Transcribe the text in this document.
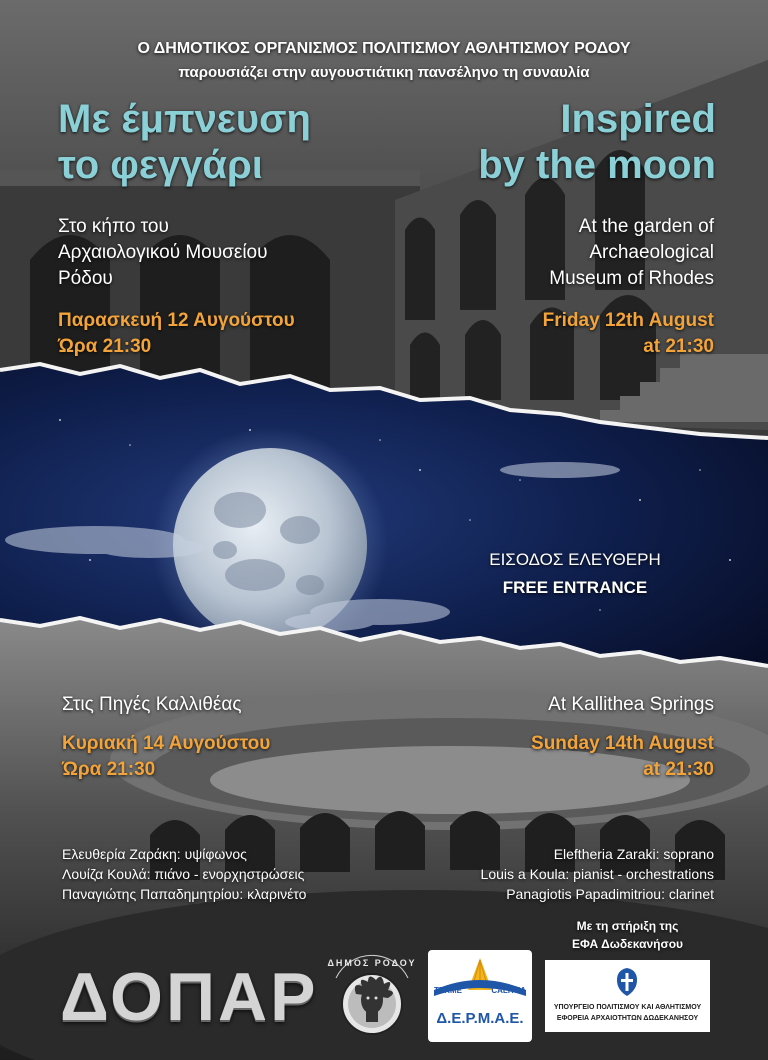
Ο ΔΗΜΟΤΙΚΟΣ ΟΡΓΑΝΙΣΜΟΣ ΠΟΛΙΤΙΣΜΟΥ ΑΘΛΗΤΙΣΜΟΥ ΡΟΔΟΥ

παρουσιάζει στην αυγουστιάτικη πανσέληνο τη συναυλία

Με έμπνευση

το φεγγάρι

Inspired

by the moon

Στο κήπο του

Αρχαιολογικού Μουσείου

Ρόδου

Παρασκευή 12 Αυγούστου

Ώρα 21:30

At the garden of

Archaeological

Museum of Rhodes

Friday 12th August

at 21:30

ΕΙΣΟΔΟΣ ΕΛΕΥΘΕΡΗ

FREE ENTRANCE

Στις Πηγές Καλλιθέας

Κυριακή 14 Αυγούστου

Ώρα 21:30

At Kallithea Springs

Sunday 14th August

at 21:30

Ελευθερία Ζαράκη: υψίφωνος

Λουίζα Κουλά: πιάνο - ενορχηστρώσεις

Παναγιώτης Παπαδημητρίου: κλαρινέτο

Eleftheria Zaraki: soprano

Louis a Koula: pianist - orchestrations

Panagiotis Papadimitriou: clarinet

Με τη στήριξη της

ΕΦΑ Δωδεκανήσου

ΔΟΠΑΡ ΔΗΜΟΣ ΡΟΔΟΥ

TERME	CALITEA

Δ.Ε.Ρ.Μ.Α.Ε.

ΥΠΟΥΡΓΕΙΟ ΠΟΛΙΤΙΣΜΟΥ ΚΑΙ ΑΘΛΗΤΙΣΜΟΥ

ΕΦΟΡΕΙΑ ΑΡΧΑΙΟΤΗΤΩΝ ΔΩΔΕΚΑΝΗΣΟΥ
